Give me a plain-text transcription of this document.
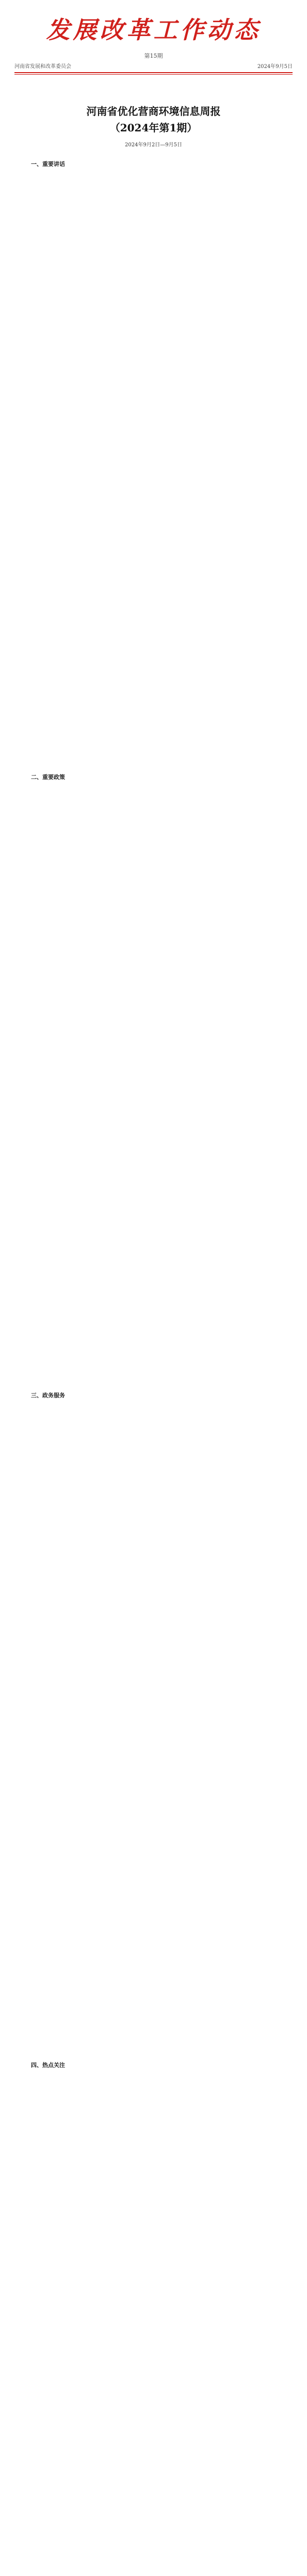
发展改革工作动态
第15期
河南省发展和改革委员会	2024年9月5日
河南省优化营商环境信息周报
（2024年第1期）
2024年9月2日—9月5日
一、重要讲话
二、重要政策
三、政务服务
四、热点关注
